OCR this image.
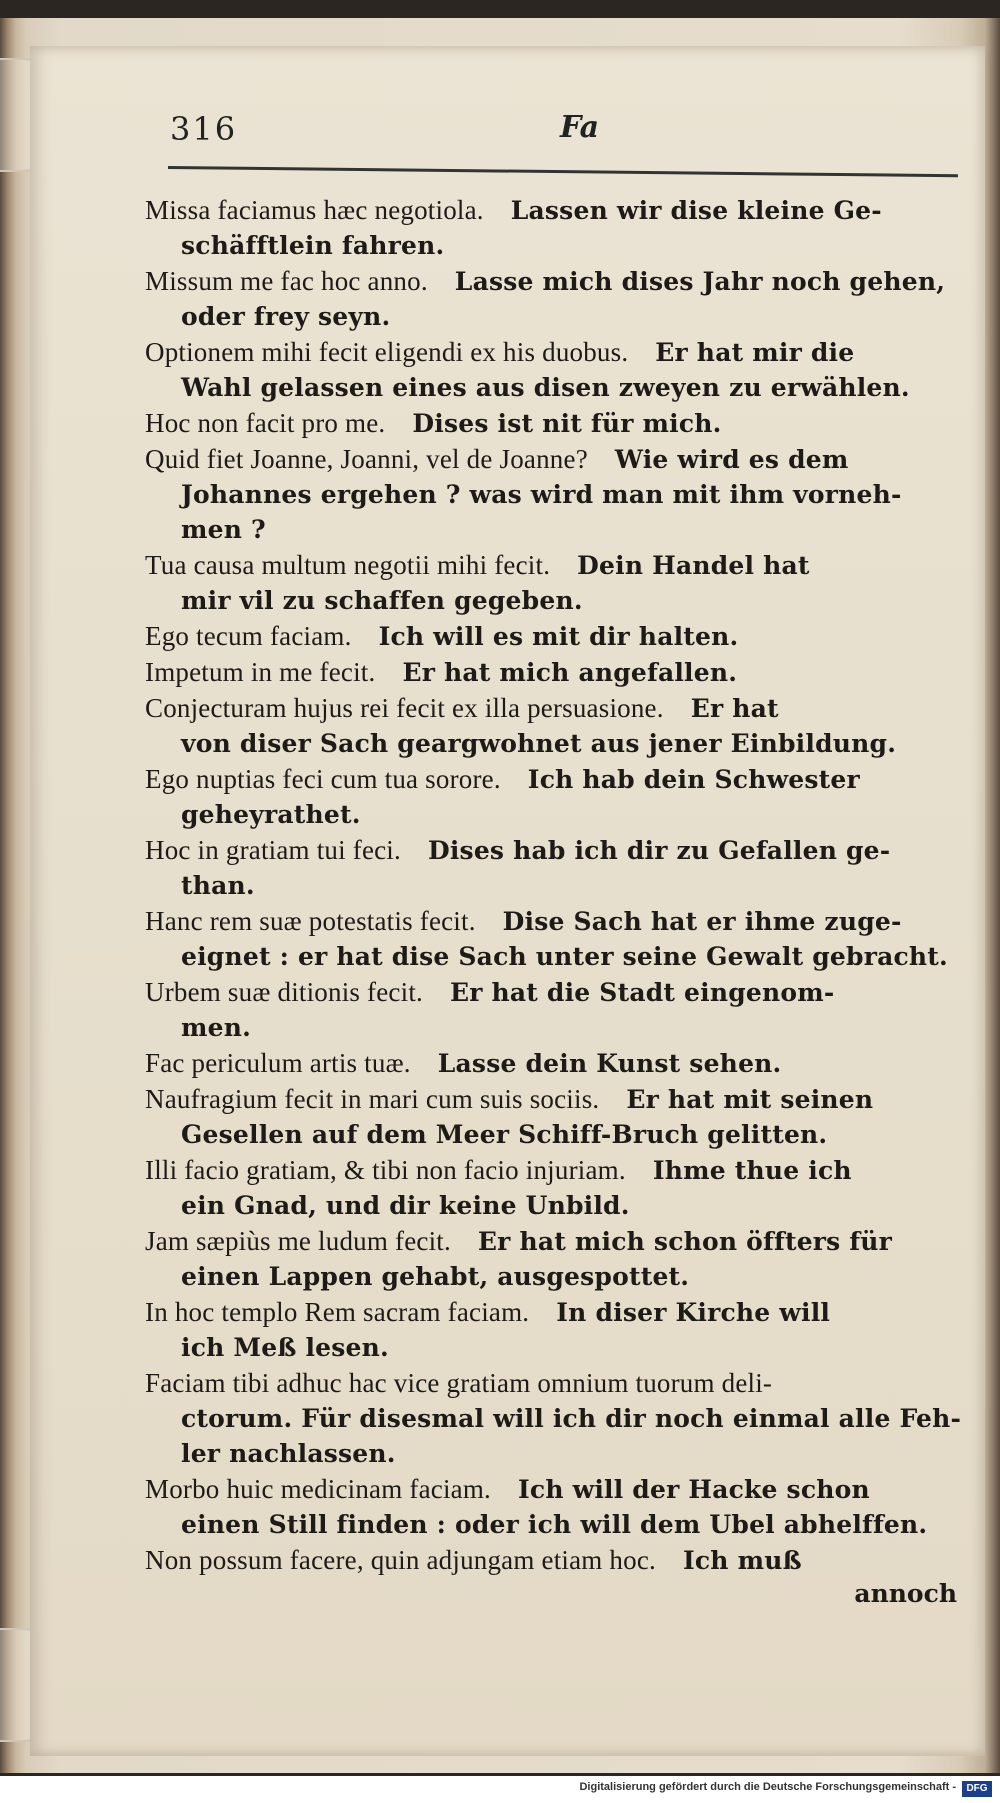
316	Fa
Missa faciamus hæc negotiola.  Lassen wir dise kleine Ge-
schäfftlein fahren.
Missum me fac hoc anno.  Lasse mich dises Jahr noch gehen,
oder frey seyn.
Optionem mihi fecit eligendi ex his duobus.  Er hat mir die
Wahl gelassen eines aus disen zweyen zu erwählen.
Hoc non facit pro me.  Dises ist nit für mich.
Quid fiet Joanne, Joanni, vel de Joanne?  Wie wird es dem
Johannes ergehen ? was wird man mit ihm vorneh-
men ?
Tua causa multum negotii mihi fecit.  Dein Handel hat
mir vil zu schaffen gegeben.
Ego tecum faciam.  Ich will es mit dir halten.
Impetum in me fecit.  Er hat mich angefallen.
Conjecturam hujus rei fecit ex illa persuasione.  Er hat
von diser Sach geargwohnet aus jener Einbildung.
Ego nuptias feci cum tua sorore.  Ich hab dein Schwester
geheyrathet.
Hoc in gratiam tui feci.  Dises hab ich dir zu Gefallen ge-
than.
Hanc rem suæ potestatis fecit.  Dise Sach hat er ihme zuge-
eignet : er hat dise Sach unter seine Gewalt gebracht.
Urbem suæ ditionis fecit.  Er hat die Stadt eingenom-
men.
Fac periculum artis tuæ.  Lasse dein Kunst sehen.
Naufragium fecit in mari cum suis sociis.  Er hat mit seinen
Gesellen auf dem Meer Schiff-Bruch gelitten.
Illi facio gratiam, & tibi non facio injuriam.  Ihme thue ich
ein Gnad, und dir keine Unbild.
Jam sæpiùs me ludum fecit.  Er hat mich schon öffters für
einen Lappen gehabt, ausgespottet.
In hoc templo Rem sacram faciam.  In diser Kirche will
ich Meß lesen.
Faciam tibi adhuc hac vice gratiam omnium tuorum deli-
ctorum. Für disesmal will ich dir noch einmal alle Feh-
ler nachlassen.
Morbo huic medicinam faciam.  Ich will der Hacke schon
einen Still finden : oder ich will dem Ubel abhelffen.
Non possum facere, quin adjungam etiam hoc.  Ich muß
annoch
Digitalisierung gefördert durch die Deutsche Forschungsgemeinschaft -	DFG
